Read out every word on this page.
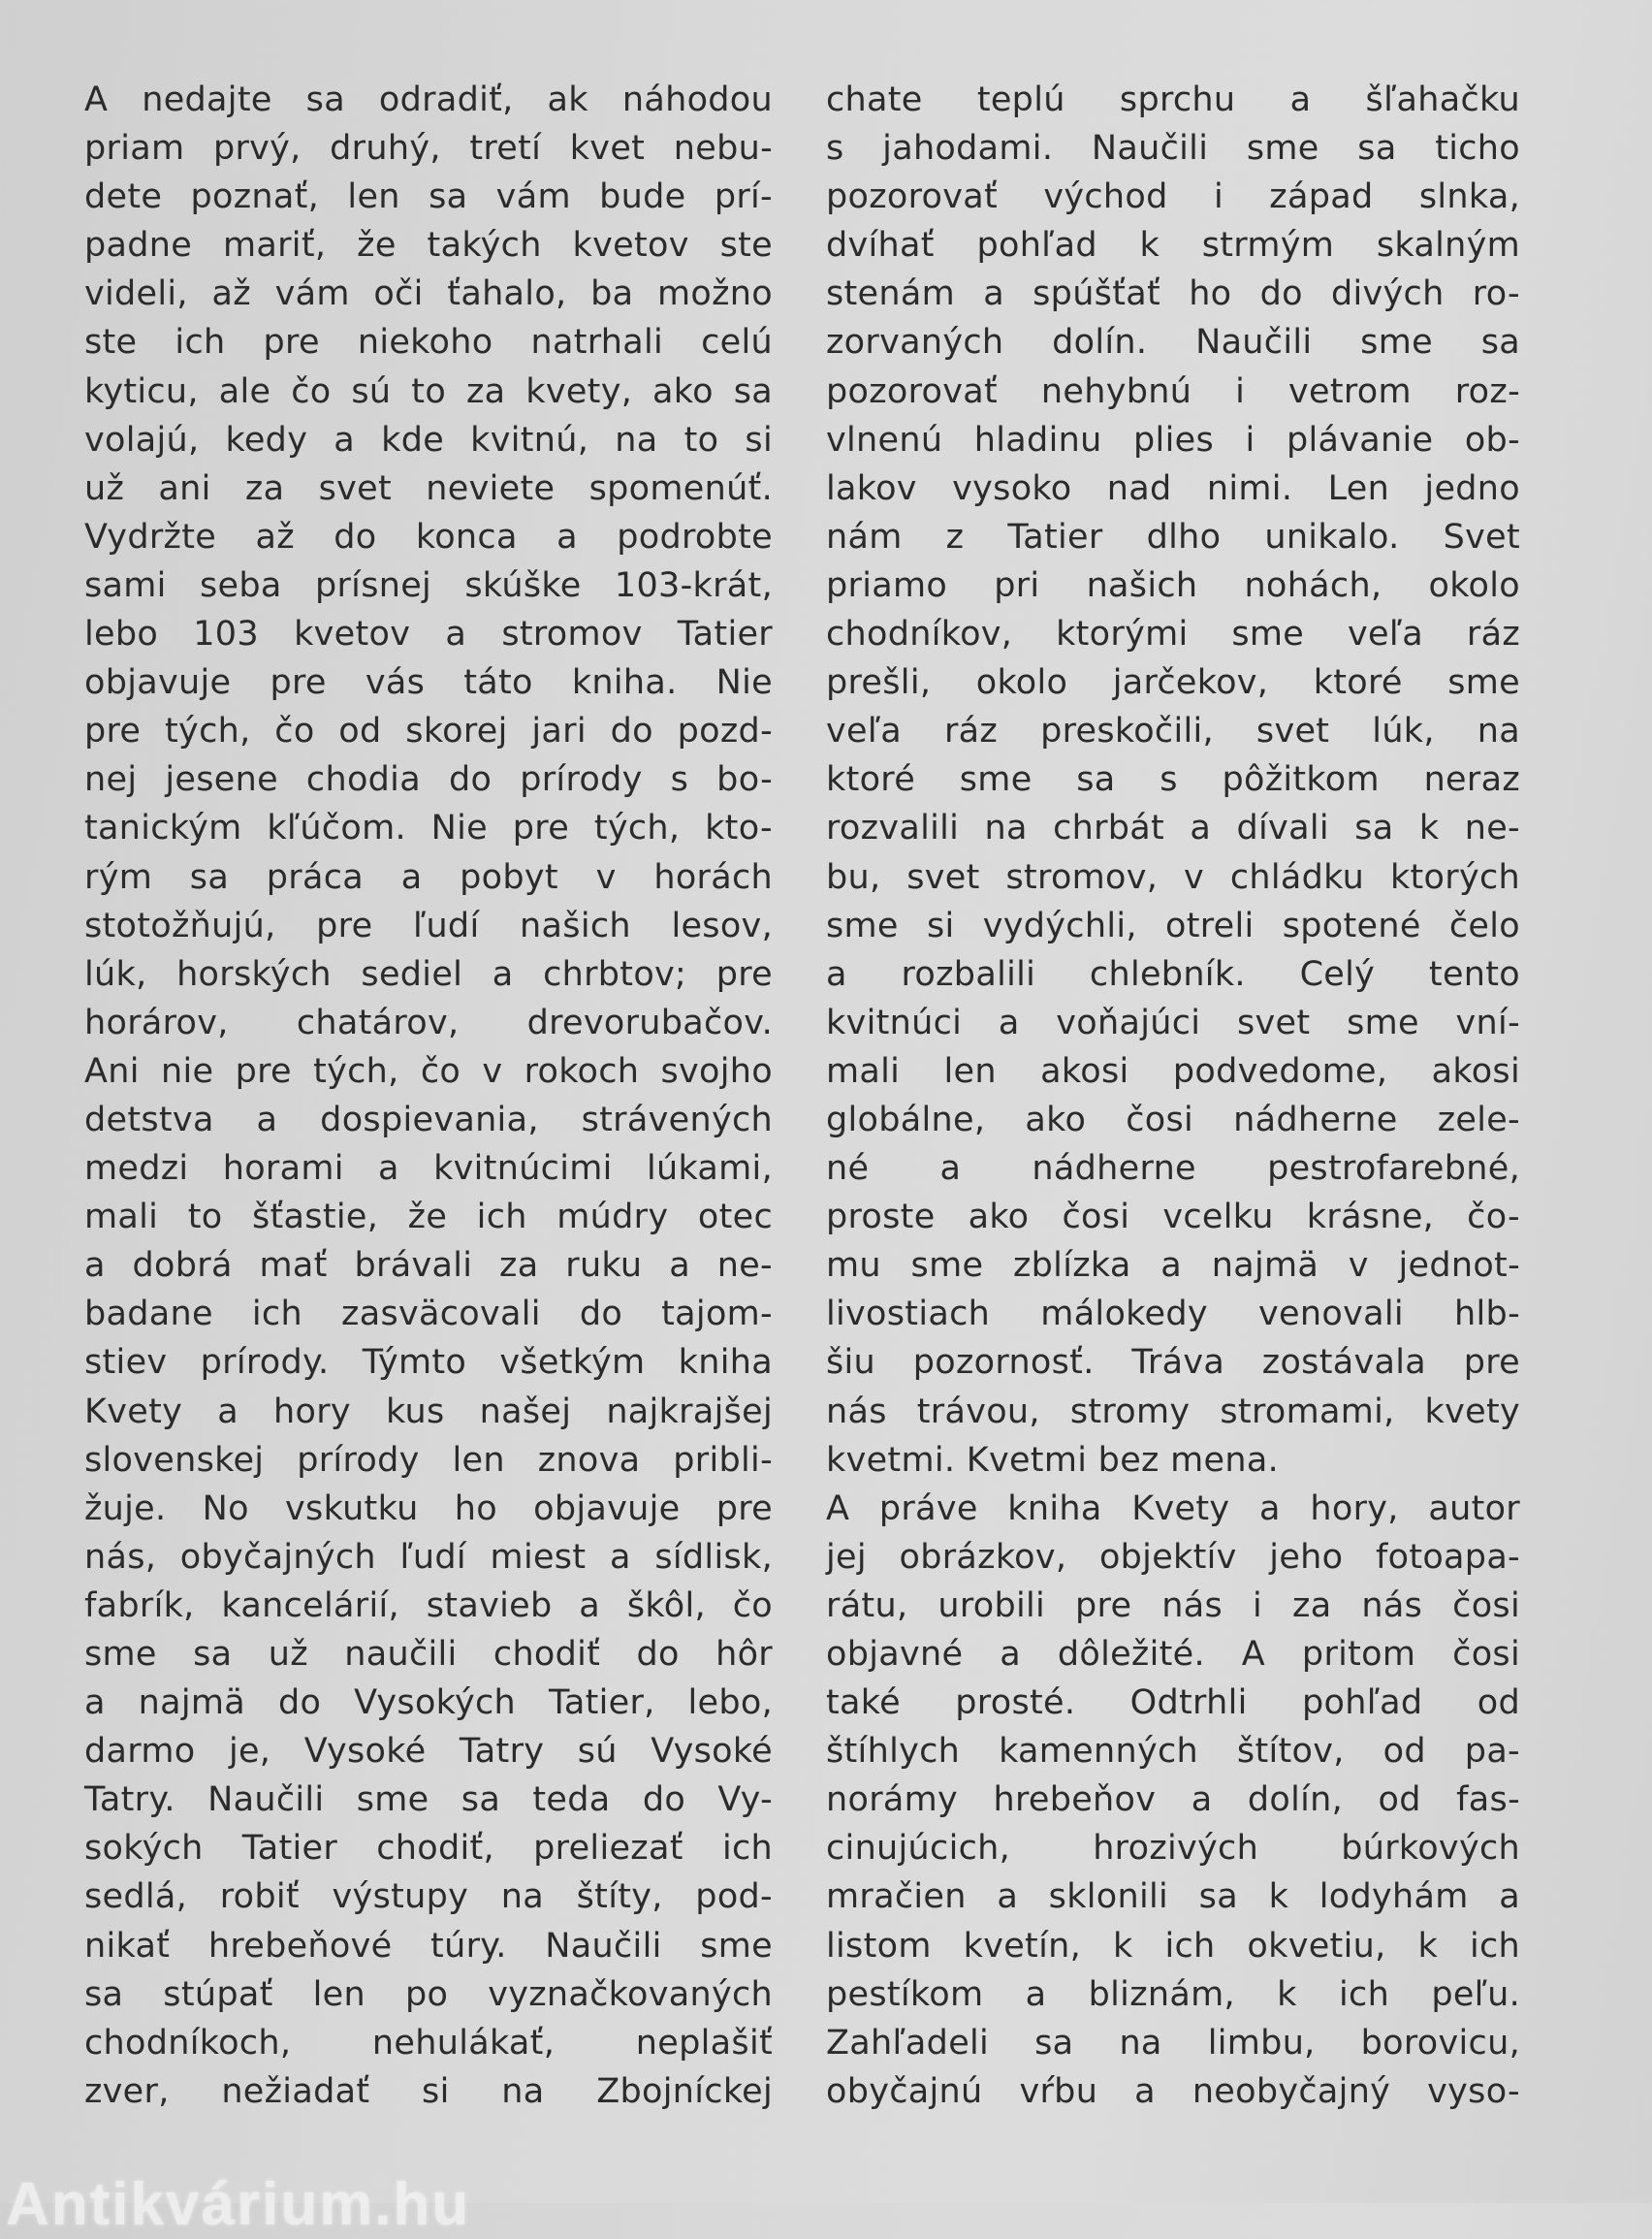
A nedajte sa odradiť, ak náhodou
priam prvý, druhý, tretí kvet nebu-
dete poznať, len sa vám bude prí-
padne mariť, že takých kvetov ste
videli, až vám oči ťahalo, ba možno
ste ich pre niekoho natrhali celú
kyticu, ale čo sú to za kvety, ako sa
volajú, kedy a kde kvitnú, na to si
už ani za svet neviete spomenúť.
Vydržte až do konca a podrobte
sami seba prísnej skúške 103-krát,
lebo 103 kvetov a stromov Tatier
objavuje pre vás táto kniha. Nie
pre tých, čo od skorej jari do pozd-
nej jesene chodia do prírody s bo-
tanickým kľúčom. Nie pre tých, kto-
rým sa práca a pobyt v horách
stotožňujú, pre ľudí našich lesov,
lúk, horských sediel a chrbtov; pre
horárov, chatárov, drevorubačov.
Ani nie pre tých, čo v rokoch svojho
detstva a dospievania, strávených
medzi horami a kvitnúcimi lúkami,
mali to šťastie, že ich múdry otec
a dobrá mať brávali za ruku a ne-
badane ich zasväcovali do tajom-
stiev prírody. Týmto všetkým kniha
Kvety a hory kus našej najkrajšej
slovenskej prírody len znova pribli-
žuje. No vskutku ho objavuje pre
nás, obyčajných ľudí miest a sídlisk,
fabrík, kancelárií, stavieb a škôl, čo
sme sa už naučili chodiť do hôr
a najmä do Vysokých Tatier, lebo,
darmo je, Vysoké Tatry sú Vysoké
Tatry. Naučili sme sa teda do Vy-
sokých Tatier chodiť, preliezať ich
sedlá, robiť výstupy na štíty, pod-
nikať hrebeňové túry. Naučili sme
sa stúpať len po vyznačkovaných
chodníkoch, nehulákať, neplašiť
zver, nežiadať si na Zbojníckej
chate teplú sprchu a šľahačku
s jahodami. Naučili sme sa ticho
pozorovať východ i západ slnka,
dvíhať pohľad k strmým skalným
stenám a spúšťať ho do divých ro-
zorvaných dolín. Naučili sme sa
pozorovať nehybnú i vetrom roz-
vlnenú hladinu plies i plávanie ob-
lakov vysoko nad nimi. Len jedno
nám z Tatier dlho unikalo. Svet
priamo pri našich nohách, okolo
chodníkov, ktorými sme veľa ráz
prešli, okolo jarčekov, ktoré sme
veľa ráz preskočili, svet lúk, na
ktoré sme sa s pôžitkom neraz
rozvalili na chrbát a dívali sa k ne-
bu, svet stromov, v chládku ktorých
sme si vydýchli, otreli spotené čelo
a rozbalili chlebník. Celý tento
kvitnúci a voňajúci svet sme vní-
mali len akosi podvedome, akosi
globálne, ako čosi nádherne zele-
né a nádherne pestrofarebné,
proste ako čosi vcelku krásne, čo-
mu sme zblízka a najmä v jednot-
livostiach málokedy venovali hlb-
šiu pozornosť. Tráva zostávala pre
nás trávou, stromy stromami, kvety
kvetmi. Kvetmi bez mena.
A práve kniha Kvety a hory, autor
jej obrázkov, objektív jeho fotoapa-
rátu, urobili pre nás i za nás čosi
objavné a dôležité. A pritom čosi
také prosté. Odtrhli pohľad od
štíhlych kamenných štítov, od pa-
norámy hrebeňov a dolín, od fas-
cinujúcich, hrozivých búrkových
mračien a sklonili sa k lodyhám a
listom kvetín, k ich okvetiu, k ich
pestíkom a bliznám, k ich peľu.
Zahľadeli sa na limbu, borovicu,
obyčajnú vŕbu a neobyčajný vyso-
Antikvárium.hu
